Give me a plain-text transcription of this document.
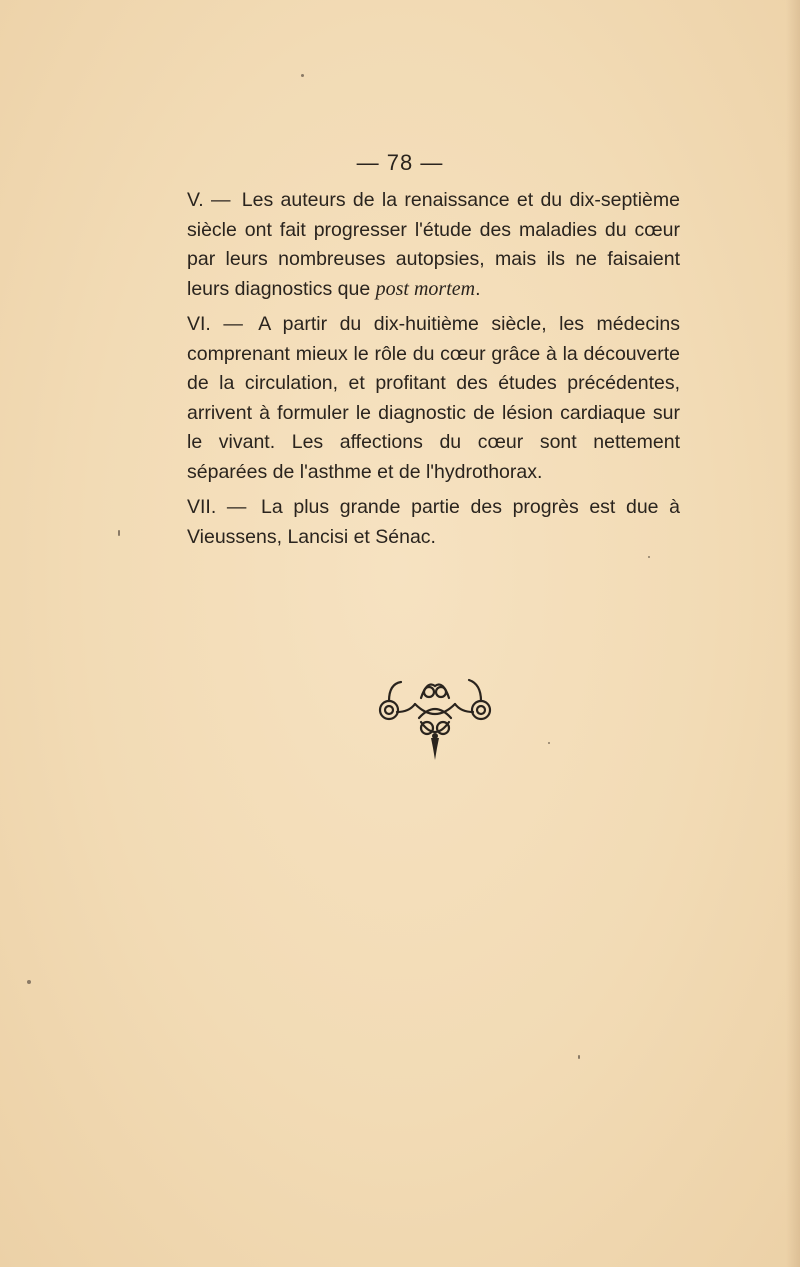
— 78 —

V. — Les auteurs de la renaissance et du dix-septième siècle ont fait progresser l'étude des maladies du cœur par leurs nombreuses autopsies, mais ils ne faisaient leurs diagnostics que post mortem.

VI. — A partir du dix-huitième siècle, les médecins comprenant mieux le rôle du cœur grâce à la découverte de la circulation, et profitant des études précédentes, arrivent à formuler le diagnostic de lésion cardiaque sur le vivant. Les affections du cœur sont nettement séparées de l'asthme et de l'hydrothorax.

VII. — La plus grande partie des progrès est due à Vieussens, Lancisi et Sénac.
